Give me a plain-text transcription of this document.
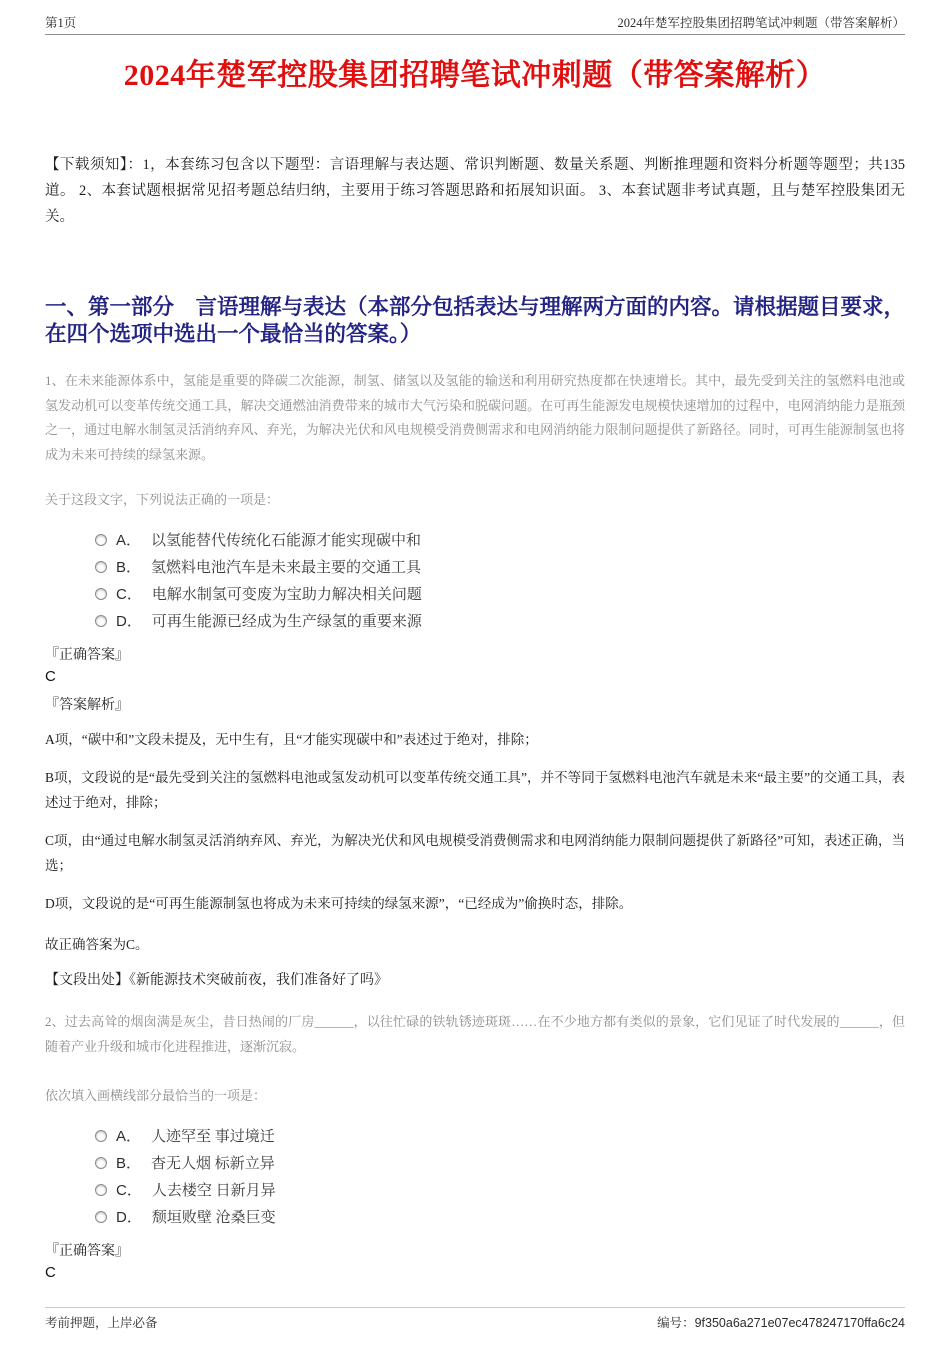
第1页	2024年楚军控股集团招聘笔试冲刺题（带答案解析）
2024年楚军控股集团招聘笔试冲刺题（带答案解析）

【下载须知】：1，本套练习包含以下题型：言语理解与表达题、常识判断题、数量关系题、判断推理题和资料分析题等题型；共135道。 2、本套试题根据常见招考题总结归纳，主要用于练习答题思路和拓展知识面。 3、本套试题非考试真题，且与楚军控股集团无关。

一、第一部分　言语理解与表达（本部分包括表达与理解两方面的内容。请根据题目要求，在四个选项中选出一个最恰当的答案。）

1、在未来能源体系中，氢能是重要的降碳二次能源，制氢、储氢以及氢能的输送和利用研究热度都在快速增长。其中，最先受到关注的氢燃料电池或氢发动机可以变革传统交通工具，解决交通燃油消费带来的城市大气污染和脱碳问题。在可再生能源发电规模快速增加的过程中，电网消纳能力是瓶颈之一，通过电解水制氢灵活消纳弃风、弃光，为解决光伏和风电规模受消费侧需求和电网消纳能力限制问题提供了新路径。同时，可再生能源制氢也将成为未来可持续的绿氢来源。

关于这段文字，下列说法正确的一项是：

A． 以氢能替代传统化石能源才能实现碳中和
B． 氢燃料电池汽车是未来最主要的交通工具
C． 电解水制氢可变废为宝助力解决相关问题
D． 可再生能源已经成为生产绿氢的重要来源

『正确答案』

C

『答案解析』

A项，“碳中和”文段未提及，无中生有，且“才能实现碳中和”表述过于绝对，排除；

B项，文段说的是“最先受到关注的氢燃料电池或氢发动机可以变革传统交通工具”，并不等同于氢燃料电池汽车就是未来“最主要”的交通工具，表述过于绝对，排除；

C项，由“通过电解水制氢灵活消纳弃风、弃光，为解决光伏和风电规模受消费侧需求和电网消纳能力限制问题提供了新路径”可知，表述正确，当选；

D项，文段说的是“可再生能源制氢也将成为未来可持续的绿氢来源”，“已经成为”偷换时态，排除。

故正确答案为C。

【文段出处】《新能源技术突破前夜，我们准备好了吗》

2、过去高耸的烟囱满是灰尘，昔日热闹的厂房______，以往忙碌的铁轨锈迹斑斑……在不少地方都有类似的景象，它们见证了时代发展的______，但随着产业升级和城市化进程推进，逐渐沉寂。

依次填入画横线部分最恰当的一项是：

A． 人迹罕至 事过境迁
B． 杳无人烟 标新立异
C． 人去楼空 日新月异
D． 颓垣败壁 沧桑巨变

『正确答案』

C

考前押题，上岸必备	编号：9f350a6a271e07ec478247170ffa6c24
